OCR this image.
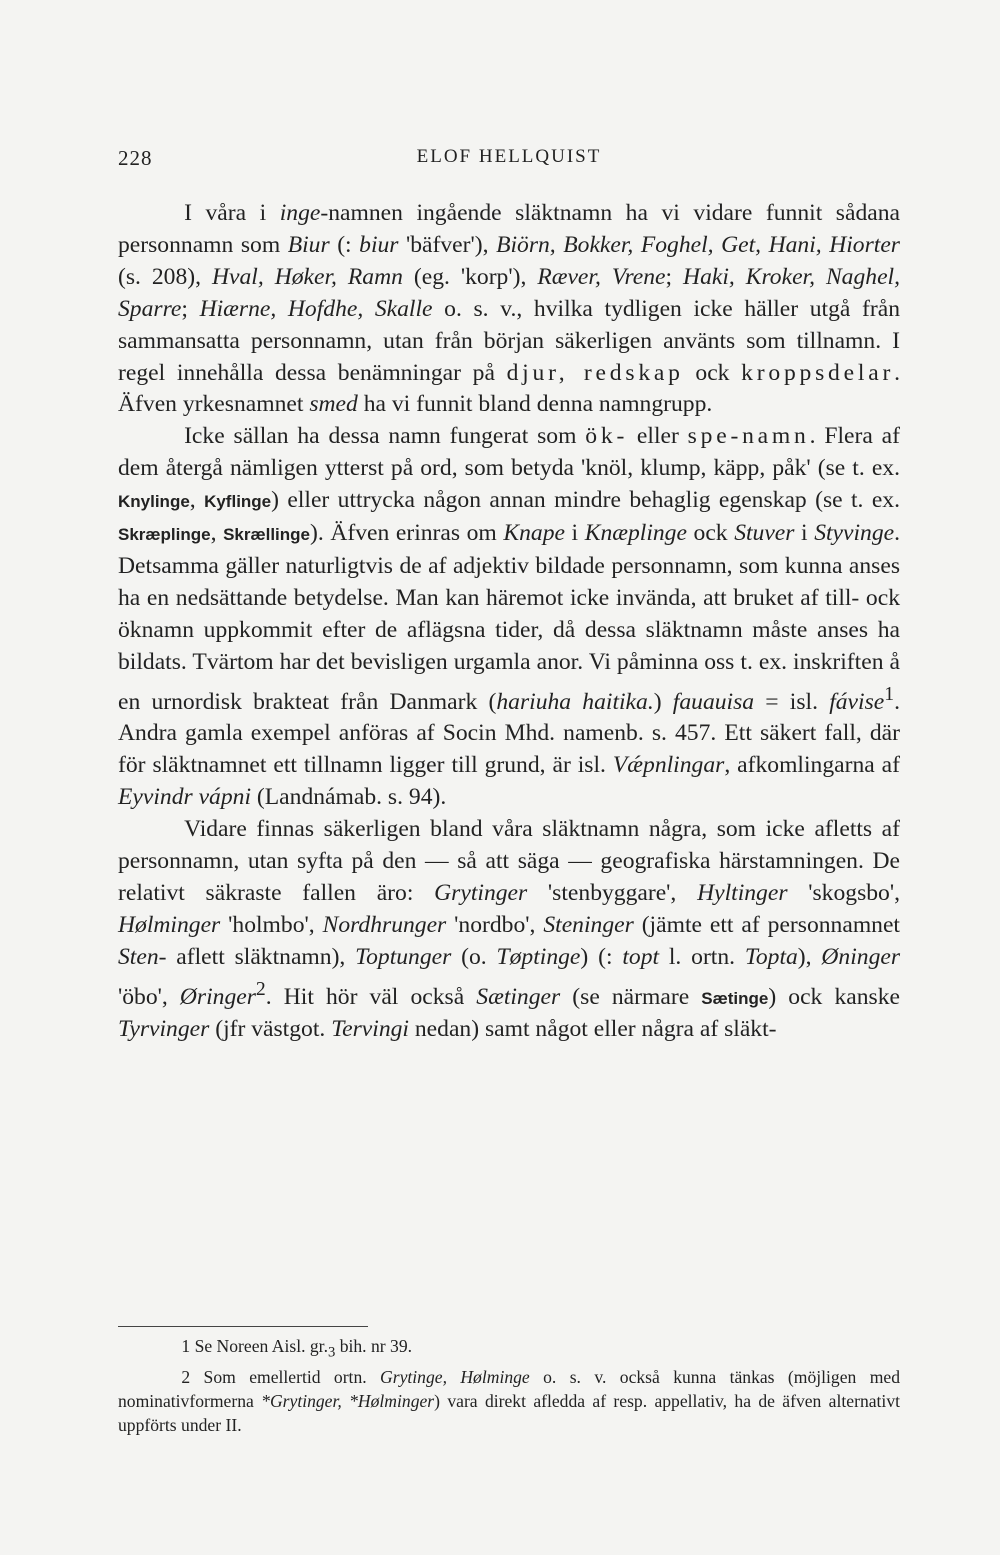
228	ELOF HELLQUIST

I våra i inge-namnen ingående släktnamn ha vi vidare funnit sådana personnamn som Biur (: biur 'bäfver'), Biörn, Bokker, Foghel, Get, Hani, Hiorter (s. 208), Hval, Høker, Ramn (eg. 'korp'), Ræver, Vrene; Haki, Kroker, Naghel, Sparre; Hiærne, Hofdhe, Skalle o. s. v., hvilka tydligen icke häller utgå från sammansatta personnamn, utan från början säkerligen använts som tillnamn. I regel innehålla dessa benämningar på djur, redskap ock kroppsdelar. Äfven yrkesnamnet smed ha vi funnit bland denna namngrupp.

Icke sällan ha dessa namn fungerat som ök- eller spe-namn. Flera af dem återgå nämligen ytterst på ord, som betyda 'knöl, klump, käpp, påk' (se t. ex. Knylinge, Kyflinge) eller uttrycka någon annan mindre behaglig egenskap (se t. ex. Skræplinge, Skrællinge). Äfven erinras om Knape i Knæplinge ock Stuver i Styvinge. Detsamma gäller naturligtvis de af adjektiv bildade personnamn, som kunna anses ha en nedsättande betydelse. Man kan häremot icke invända, att bruket af till- ock öknamn uppkommit efter de aflägsna tider, då dessa släktnamn måste anses ha bildats. Tvärtom har det bevisligen urgamla anor. Vi påminna oss t. ex. inskriften å en urnordisk brakteat från Danmark (hariuha haitika.) fauauisa = isl. fávise$^1$. Andra gamla exempel anföras af Socin Mhd. namenb. s. 457. Ett säkert fall, där för släktnamnet ett tillnamn ligger till grund, är isl. Vǽpnlingar, afkomlingarna af Eyvindr vápni (Landnámab. s. 94).

Vidare finnas säkerligen bland våra släktnamn några, som icke afletts af personnamn, utan syfta på den — så att säga — geografiska härstamningen. De relativt säkraste fallen äro: Grytinger 'stenbyggare', Hyltinger 'skogsbo', Hølminger 'holmbo', Nordhrunger 'nordbo', Steninger (jämte ett af personnamnet Sten- aflett släktnamn), Toptunger (o. Tøptinge) (: topt l. ortn. Topta), Øninger 'öbo', Øringer$^2$. Hit hör väl också Sætinger (se närmare Sætinge) ock kanske Tyrvinger (jfr västgot. Tervingi nedan) samt något eller några af släkt-

1 Se Noreen Aisl. $gr._3$ bih. nr 39.

2 Som emellertid ortn. Grytinge, Hølminge o. s. v. också kunna tänkas (möjligen med nominativformerna *Grytinger, *Hølminger) vara direkt afledda af resp. appellativ, ha de äfven alternativt uppförts under II.
